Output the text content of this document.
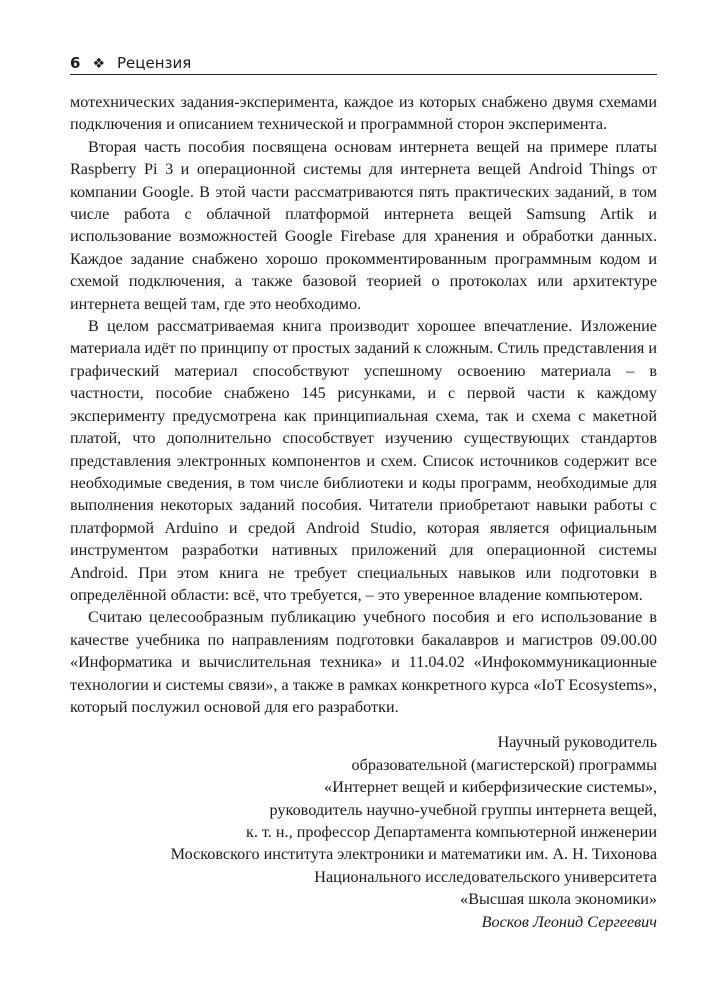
6 ❖ Рецензия

мотехнических задания-эксперимента, каждое из которых снабжено двумя схемами подключения и описанием технической и программной сторон эксперимента.

Вторая часть пособия посвящена основам интернета вещей на примере платы Raspberry Pi 3 и операционной системы для интернета вещей Android Things от компании Google. В этой части рассматриваются пять практических заданий, в том числе работа с облачной платформой интернета вещей Samsung Artik и использование возможностей Google Firebase для хранения и обработки данных. Каждое задание снабжено хорошо прокомментированным программным кодом и схемой подключения, а также базовой теорией о протоколах или архитектуре интернета вещей там, где это необходимо.

В целом рассматриваемая книга производит хорошее впечатление. Изложение материала идёт по принципу от простых заданий к сложным. Стиль представления и графический материал способствуют успешному освоению материала – в частности, пособие снабжено 145 рисунками, и с первой части к каждому эксперименту предусмотрена как принципиальная схема, так и схема с макетной платой, что дополнительно способствует изучению существующих стандартов представления электронных компонентов и схем. Список источников содержит все необходимые сведения, в том числе библиотеки и коды программ, необходимые для выполнения некоторых заданий пособия. Читатели приобретают навыки работы с платформой Arduino и средой Android Studio, которая является официальным инструментом разработки нативных приложений для операционной системы Android. При этом книга не требует специальных навыков или подготовки в определённой области: всё, что требуется, – это уверенное владение компьютером.

Считаю целесообразным публикацию учебного пособия и его использование в качестве учебника по направлениям подготовки бакалавров и магистров 09.00.00 «Информатика и вычислительная техника» и 11.04.02 «Инфокоммуникационные технологии и системы связи», а также в рамках конкретного курса «IoT Ecosystems», который послужил основой для его разработки.

Научный руководитель
образовательной (магистерской) программы
«Интернет вещей и киберфизические системы»,
руководитель научно-учебной группы интернета вещей,
к. т. н., профессор Департамента компьютерной инженерии
Московского института электроники и математики им. А. Н. Тихонова
Национального исследовательского университета
«Высшая школа экономики»
Восков Леонид Сергеевич
